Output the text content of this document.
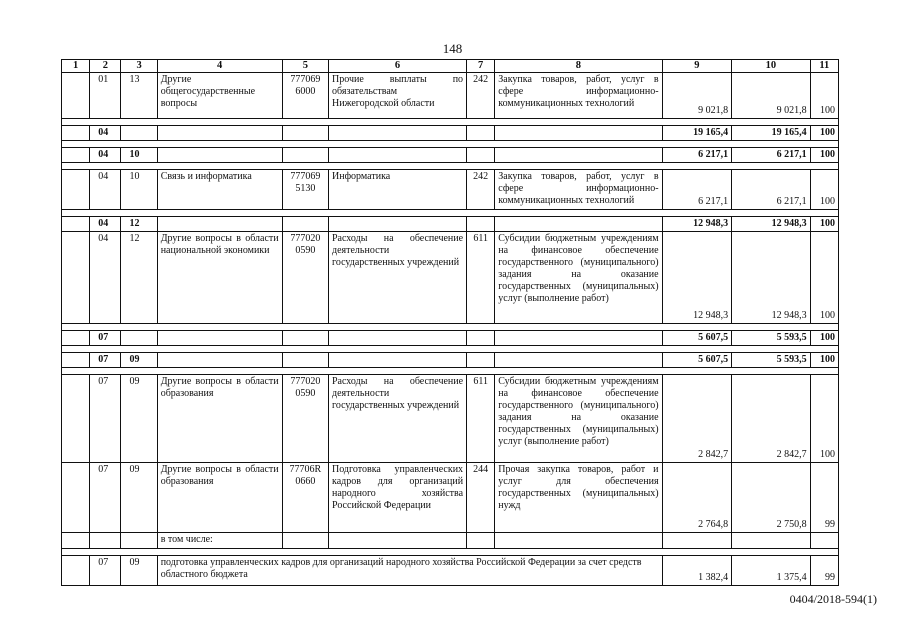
148
1	2	3	4	5	6	7	8	9	10	11
	01	13	Другие общегосударственные вопросы	777069 6000	Прочие выплаты по обязательствам Нижегородской области	242	Закупка товаров, работ, услуг в сфере информационно-коммуникационных технологий	9 021,8	9 021,8	100

	04							19 165,4	19 165,4	100

	04	10						6 217,1	6 217,1	100

	04	10	Связь и информатика	777069 5130	Информатика	242	Закупка товаров, работ, услуг в сфере информационно-коммуникационных технологий	6 217,1	6 217,1	100

	04	12						12 948,3	12 948,3	100
	04	12	Другие вопросы в области национальной экономики	777020 0590	Расходы на обеспечение деятельности государственных учреждений	611	Субсидии бюджетным учреждениям на финансовое обеспечение государственного (муниципального) задания на оказание государственных (муниципальных) услуг (выполнение работ)	12 948,3	12 948,3	100

	07							5 607,5	5 593,5	100

	07	09						5 607,5	5 593,5	100

	07	09	Другие вопросы в области образования	777020 0590	Расходы на обеспечение деятельности государственных учреждений	611	Субсидии бюджетным учреждениям на финансовое обеспечение государственного (муниципального) задания на оказание государственных (муниципальных) услуг (выполнение работ)	2 842,7	2 842,7	100
	07	09	Другие вопросы в области образования	77706R 0660	Подготовка управленческих кадров для организаций народного хозяйства Российской Федерации	244	Прочая закупка товаров, работ и услуг для обеспечения государственных (муниципальных) нужд	2 764,8	2 750,8	99
			в том числе:							

	07	09	подготовка управленческих кадров для организаций народного хозяйства Российской Федерации за счет средств областного бюджета					1 382,4	1 375,4	99
0404/2018-594(1)
